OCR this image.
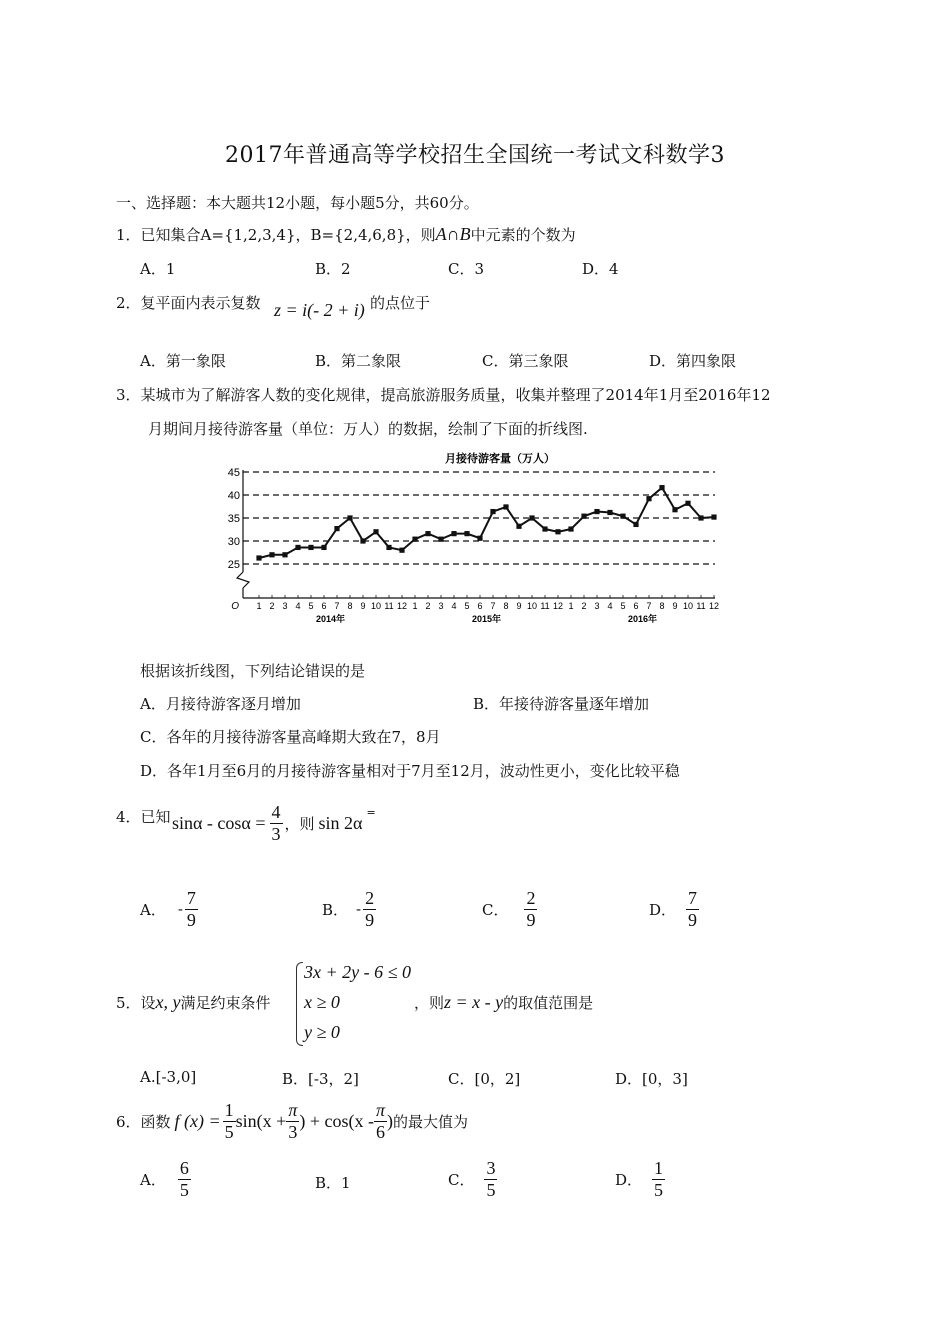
2017年普通高等学校招生全国统一考试文科数学3
一、选择题：本大题共12小题，每小题5分，共60分。
1．已知集合A={1,2,3,4}，B={2,4,6,8}，则A∩B中元素的个数为
A．1	B．2	C．3	D．4
2．复平面内表示复数 z = i(- 2 + i) 的点位于
A．第一象限	B．第二象限	C．第三象限	D．第四象限
3．某城市为了解游客人数的变化规律，提高旅游服务质量，收集并整理了2014年1月至2016年12
月期间月接待游客量（单位：万人）的数据，绘制了下面的折线图.
月接待游客量（万人）
25
30
35
40
45
O 1 2 3 4 5 6 7 8 9 10 11 12 1 2 3 4 5 6 7 8 9 10 11 12 1 2 3 4 5 6 7 8 9 10 11 12
2014年	2015年	2016年
根据该折线图，下列结论错误的是
A．月接待游客逐月增加	B．年接待游客量逐年增加
C．各年的月接待游客量高峰期大致在7，8月
D．各年1月至6月的月接待游客量相对于7月至12月，波动性更小，变化比较平稳
4．已知 $\sin\alpha - \cos\alpha = \frac{4}{3}$ ，则 sin 2α
=
A． - $\frac{7}{9}$	B． - $\frac{2}{9}$	C． $\frac{2}{9}$	D． $\frac{7}{9}$
5．设x, y满足约束条件
3x + 2y - 6 ≤ 0
x ≥ 0
y ≥ 0
，则z = x - y的取值范围是
A.[-3,0]	B．[-3，2]	C．[0，2]	D．[0，3]
6．函数 f $(x) = \frac{1}{5} \sin(x + \frac{\pi}{3}$ ) + $\cos(x - \frac{\pi}{6}$ ) 的最大值为
A． $\frac{6}{5}$	B．1	C． $\frac{3}{5}$	D． $\frac{1}{5}$
